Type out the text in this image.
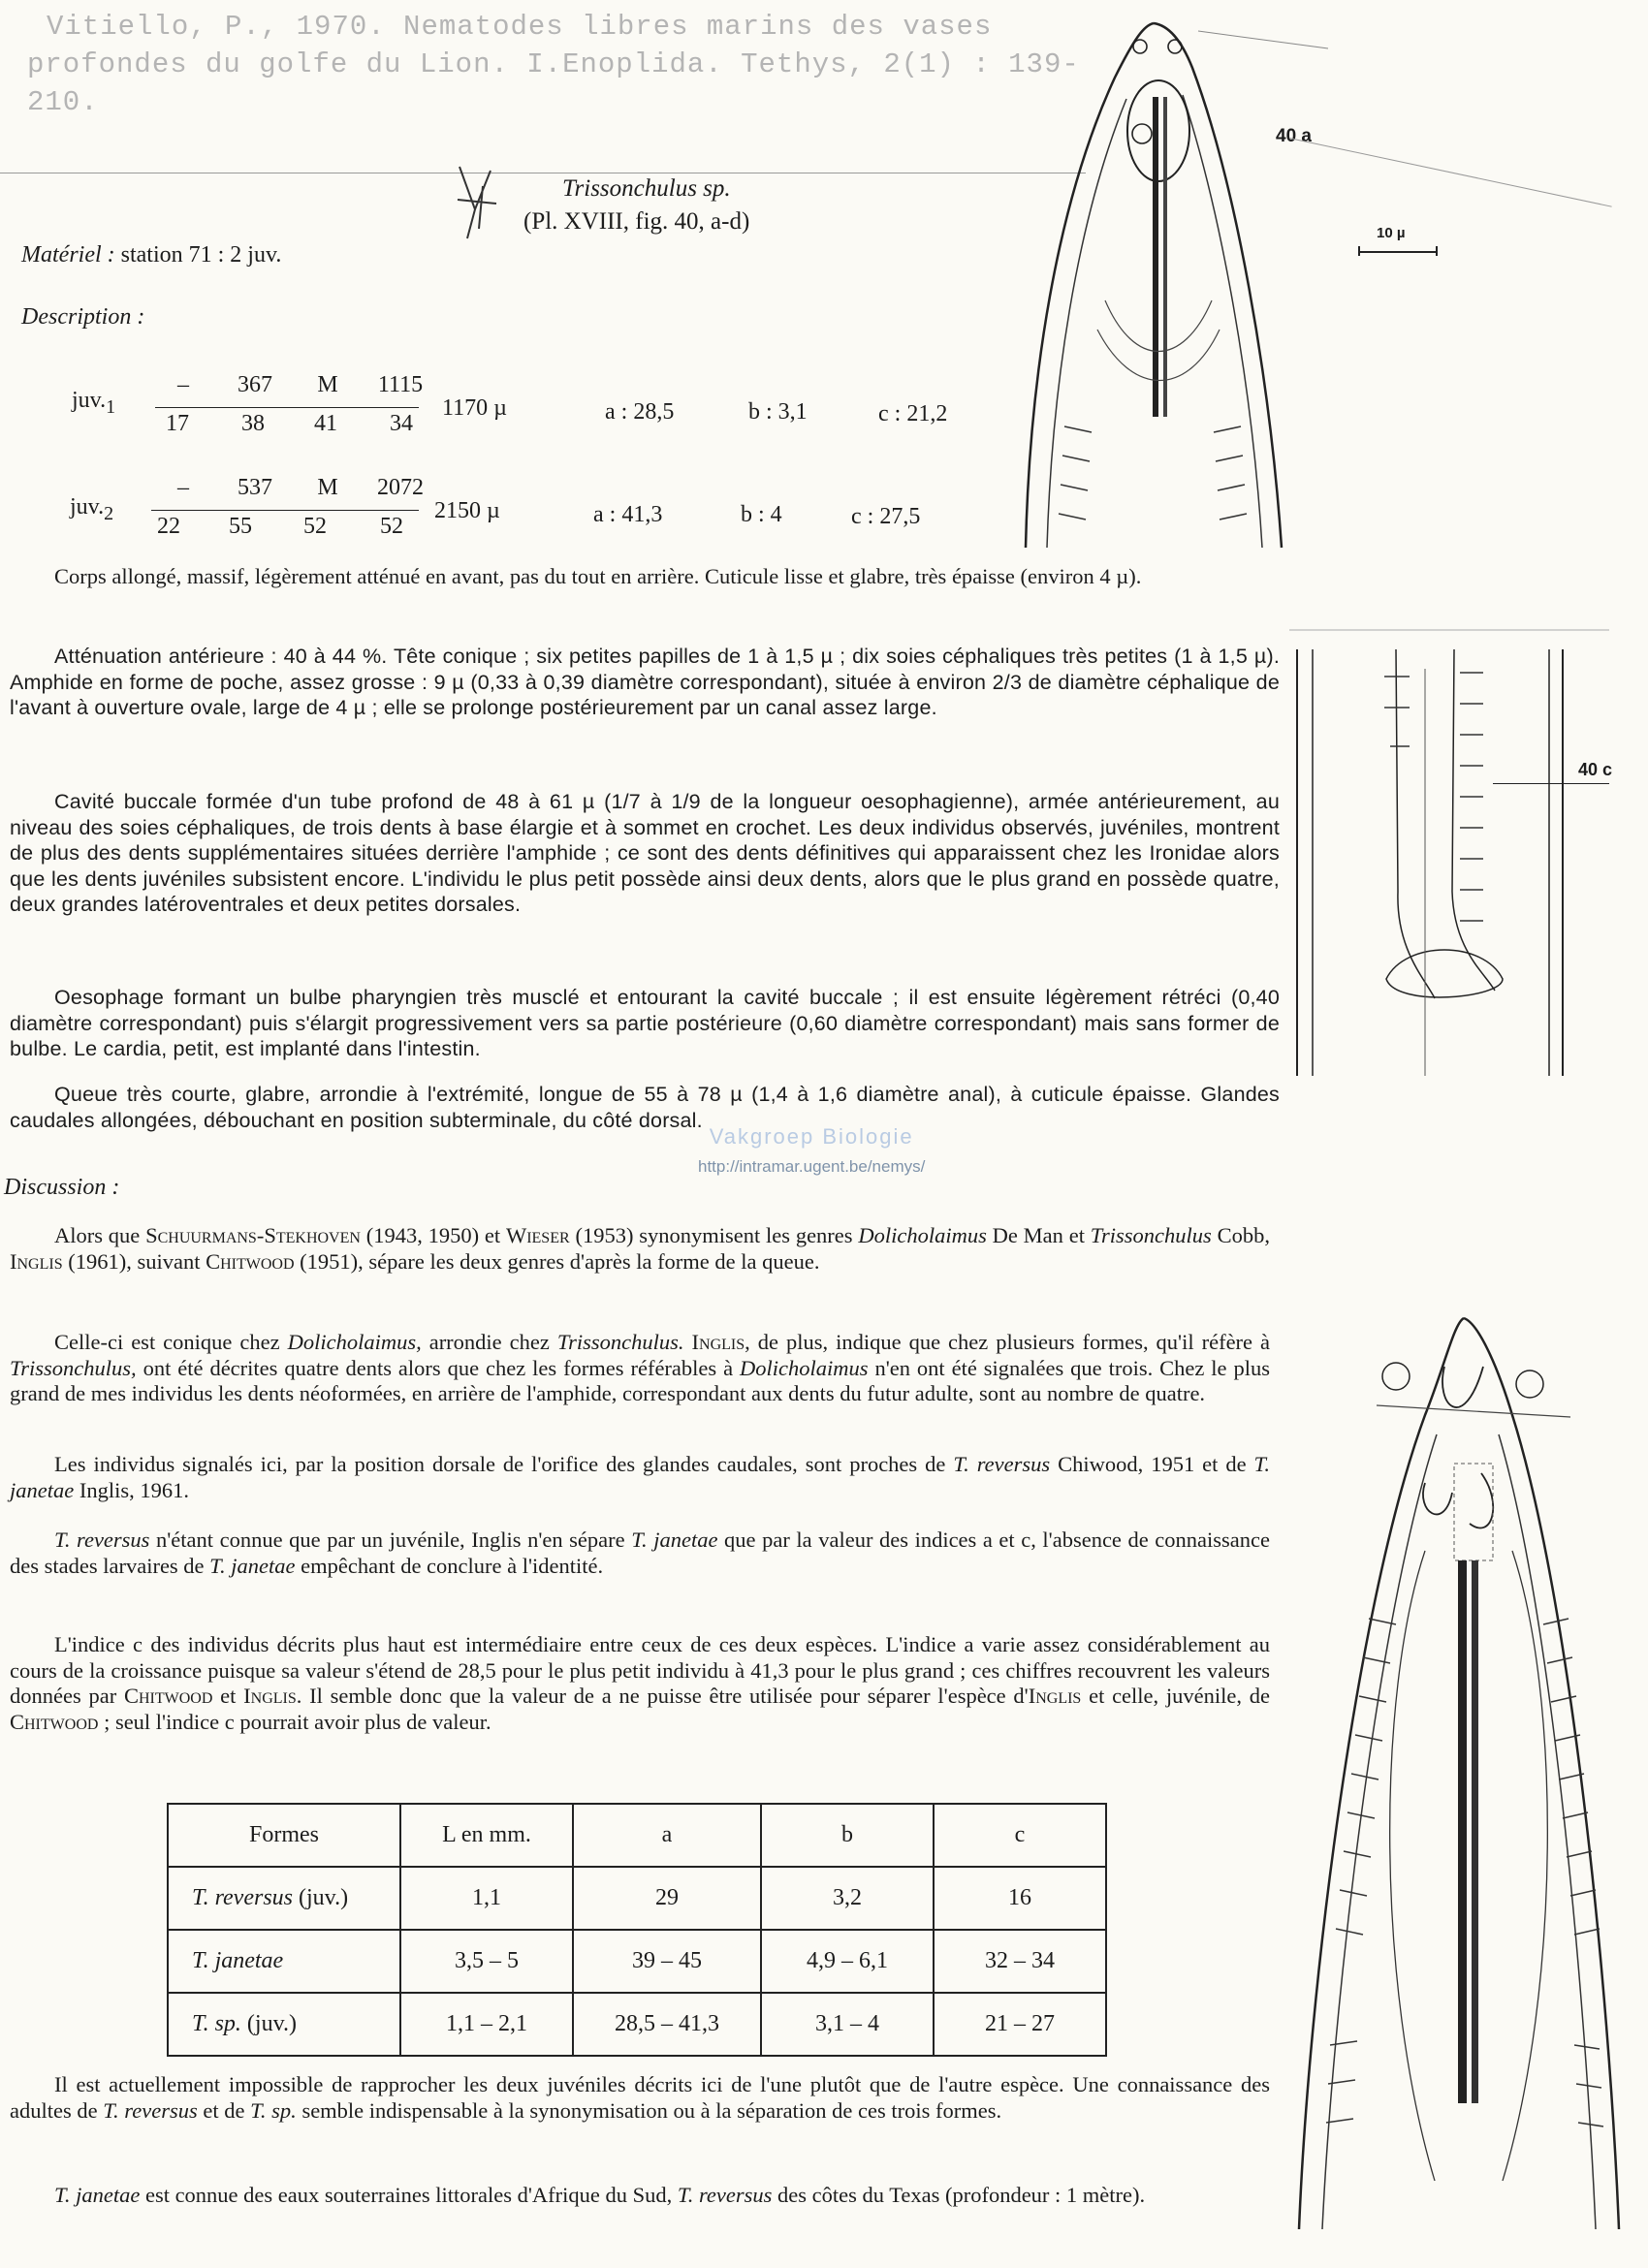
Vitiello, P., 1970. Nematodes libres marins des vases profondes du golfe du Lion. I.Enoplida. Tethys, 2(1) : 139-210.
Trissonchulus sp.
(Pl. XVIII, fig. 40, a-d)
Matériel : station 71 : 2 juv.
Description :
$juv._1$
–	367	M	1115
17	38	41	34
1170 µ	a : 28,5	b : 3,1	c : 21,2
$juv._2$
–	537	M	2072
22	55	52	52
2150 µ	a : 41,3	b : 4	c : 27,5

Corps allongé, massif, légèrement atténué en avant, pas du tout en arrière. Cuticule lisse et glabre, très épaisse (environ 4 µ).

Atténuation antérieure : 40 à 44 %. Tête conique ; six petites papilles de 1 à 1,5 µ ; dix soies céphaliques très petites (1 à 1,5 µ). Amphide en forme de poche, assez grosse : 9 µ (0,33 à 0,39 diamètre correspondant), située à environ 2/3 de diamètre céphalique de l'avant à ouverture ovale, large de 4 µ ; elle se prolonge postérieurement par un canal assez large.

Cavité buccale formée d'un tube profond de 48 à 61 µ (1/7 à 1/9 de la longueur oesophagienne), armée antérieurement, au niveau des soies céphaliques, de trois dents à base élargie et à sommet en crochet. Les deux individus observés, juvéniles, montrent de plus des dents supplémentaires situées derrière l'amphide ; ce sont des dents définitives qui apparaissent chez les Ironidae alors que les dents juvéniles subsistent encore. L'individu le plus petit possède ainsi deux dents, alors que le plus grand en possède quatre, deux grandes latéroventrales et deux petites dorsales.

Oesophage formant un bulbe pharyngien très musclé et entourant la cavité buccale ; il est ensuite légèrement rétréci (0,40 diamètre correspondant) puis s'élargit progressivement vers sa partie postérieure (0,60 diamètre correspondant) mais sans former de bulbe. Le cardia, petit, est implanté dans l'intestin.

Queue très courte, glabre, arrondie à l'extrémité, longue de 55 à 78 µ (1,4 à 1,6 diamètre anal), à cuticule épaisse. Glandes caudales allongées, débouchant en position subterminale, du côté dorsal.

Vakgroep Biologie
http://intramar.ugent.be/nemys/
Discussion :

Alors que Schuurmans-Stekhoven (1943, 1950) et Wieser (1953) synonymisent les genres Dolicholaimus De Man et Trissonchulus Cobb, Inglis (1961), suivant Chitwood (1951), sépare les deux genres d'après la forme de la queue.

Celle-ci est conique chez Dolicholaimus, arrondie chez Trissonchulus. Inglis, de plus, indique que chez plusieurs formes, qu'il réfère à Trissonchulus, ont été décrites quatre dents alors que chez les formes référables à Dolicholaimus n'en ont été signalées que trois. Chez le plus grand de mes individus les dents néoformées, en arrière de l'amphide, correspondant aux dents du futur adulte, sont au nombre de quatre.

Les individus signalés ici, par la position dorsale de l'orifice des glandes caudales, sont proches de T. reversus Chiwood, 1951 et de T. janetae Inglis, 1961.

T. reversus n'étant connue que par un juvénile, Inglis n'en sépare T. janetae que par la valeur des indices a et c, l'absence de connaissance des stades larvaires de T. janetae empêchant de conclure à l'identité.

L'indice c des individus décrits plus haut est intermédiaire entre ceux de ces deux espèces. L'indice a varie assez considérablement au cours de la croissance puisque sa valeur s'étend de 28,5 pour le plus petit individu à 41,3 pour le plus grand ; ces chiffres recouvrent les valeurs données par Chitwood et Inglis. Il semble donc que la valeur de a ne puisse être utilisée pour séparer l'espèce d'Inglis et celle, juvénile, de Chitwood ; seul l'indice c pourrait avoir plus de valeur.

Formes	L en mm.	a	b	c
T. reversus (juv.)	1,1	29	3,2	16
T. janetae	3,5 – 5	39 – 45	4,9 – 6,1	32 – 34
T. sp. (juv.)	1,1 – 2,1	28,5 – 41,3	3,1 – 4	21 – 27

Il est actuellement impossible de rapprocher les deux juvéniles décrits ici de l'une plutôt que de l'autre espèce. Une connaissance des adultes de T. reversus et de T. sp. semble indispensable à la synonymisation ou à la séparation de ces trois formes.

T. janetae est connue des eaux souterraines littorales d'Afrique du Sud, T. reversus des côtes du Texas (profondeur : 1 mètre).

40 a
10 µ
40 c
